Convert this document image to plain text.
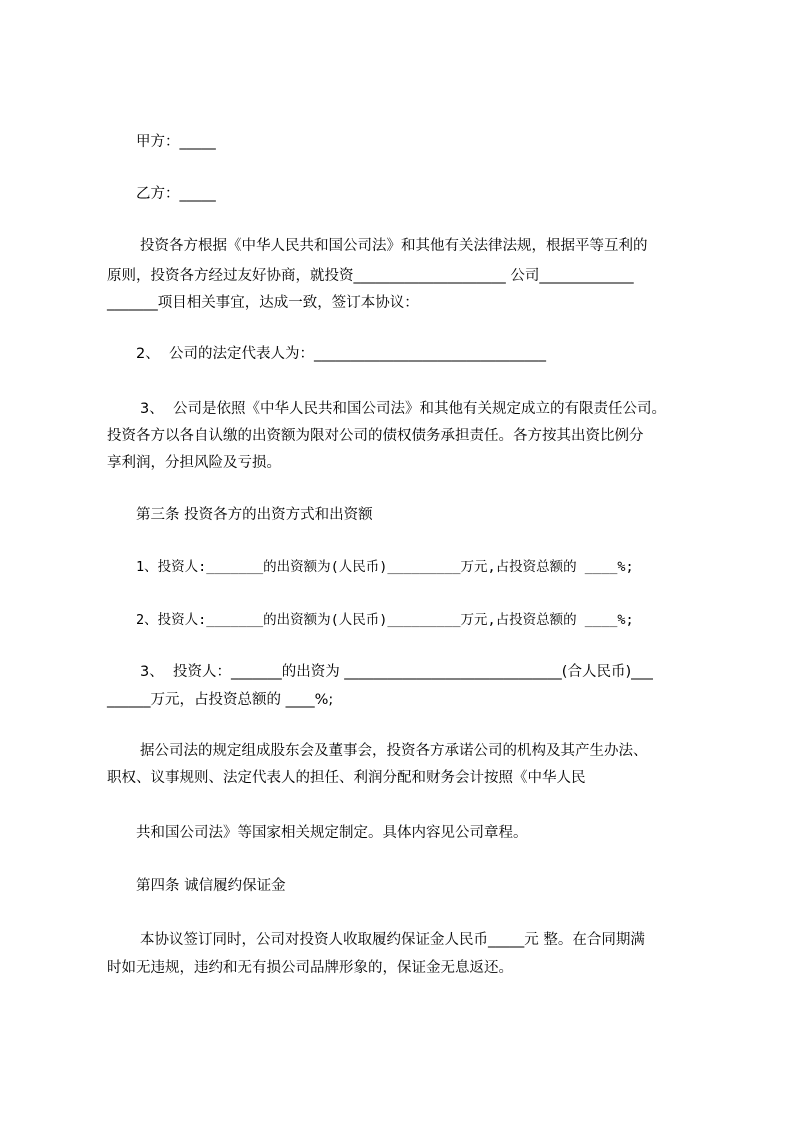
甲方：_____
乙方：_____
投资各方根据《中华人民共和国公司法》和其他有关法律法规，根据平等互利的
原则，投资各方经过友好协商，就投资_____________________ 公司_____________
_______项目相关事宜，达成一致，签订本协议：
2、  公司的法定代表人为：________________________________
3、  公司是依照《中华人民共和国公司法》和其他有关规定成立的有限责任公司。
投资各方以各自认缴的出资额为限对公司的债权债务承担责任。各方按其出资比例分
享利润，分担风险及亏损。
第三条 投资各方的出资方式和出资额
1、投资人:_______的出资额为(人民币)_________万元,占投资总额的 ____%;
2、投资人:_______的出资额为(人民币)_________万元,占投资总额的 ____%;
3、  投资人：_______的出资为 ______________________________(合人民币)___
______万元，占投资总额的 ____%;
据公司法的规定组成股东会及董事会，投资各方承诺公司的机构及其产生办法、
职权、议事规则、法定代表人的担任、利润分配和财务会计按照《中华人民
共和国公司法》等国家相关规定制定。具体内容见公司章程。
第四条 诚信履约保证金
本协议签订同时，公司对投资人收取履约保证金人民币_____元 整。在合同期满
时如无违规，违约和无有损公司品牌形象的，保证金无息返还。
